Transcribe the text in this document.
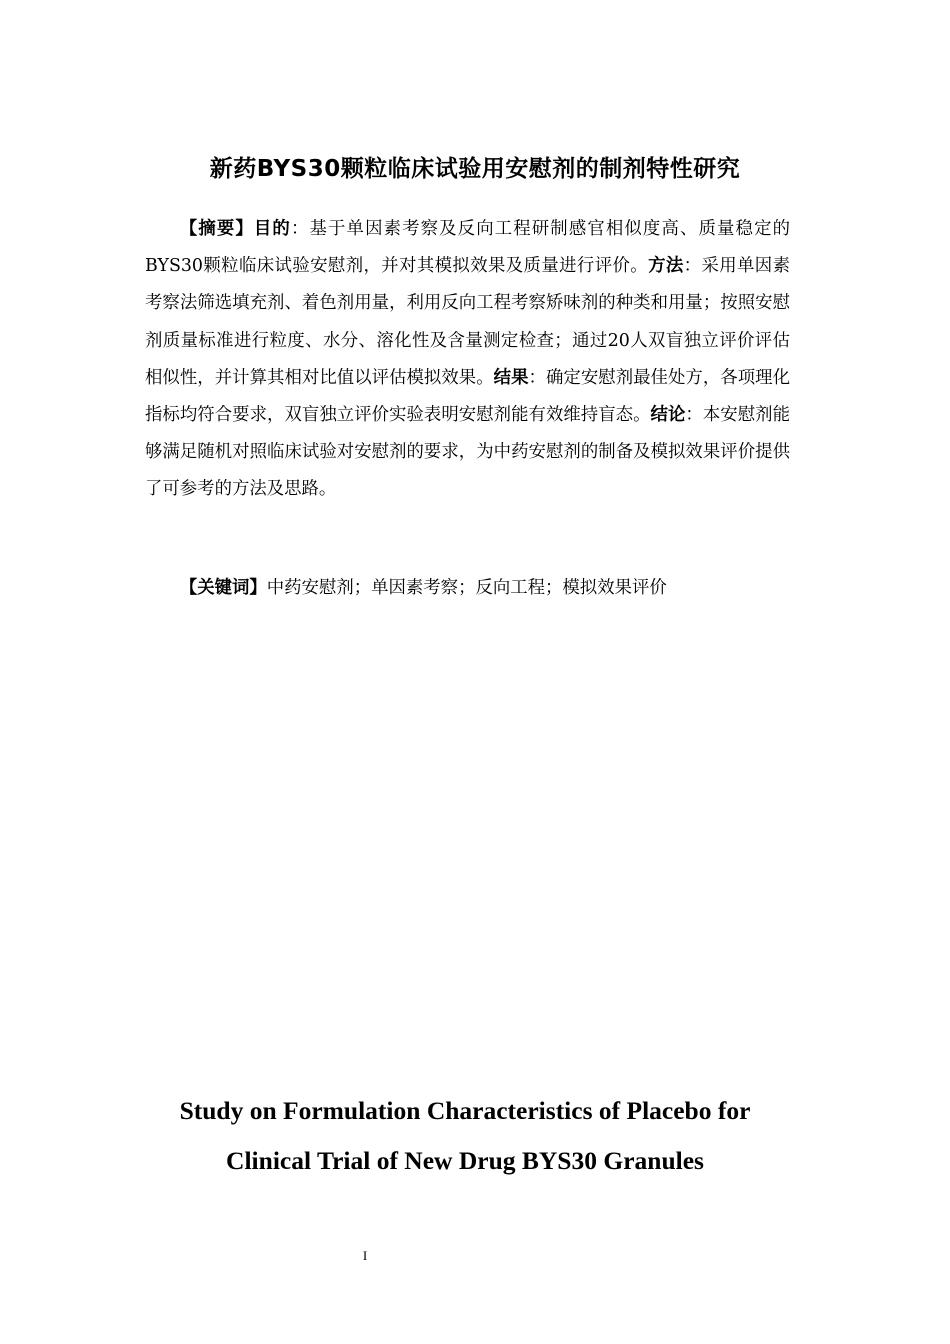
新药BYS30颗粒临床试验用安慰剂的制剂特性研究

【摘要】目的：基于单因素考察及反向工程研制感官相似度高、质量稳定的BYS30颗粒临床试验安慰剂，并对其模拟效果及质量进行评价。方法：采用单因素考察法筛选填充剂、着色剂用量，利用反向工程考察矫味剂的种类和用量；按照安慰剂质量标准进行粒度、水分、溶化性及含量测定检查；通过20人双盲独立评价评估相似性，并计算其相对比值以评估模拟效果。结果：确定安慰剂最佳处方，各项理化指标均符合要求，双盲独立评价实验表明安慰剂能有效维持盲态。结论：本安慰剂能够满足随机对照临床试验对安慰剂的要求，为中药安慰剂的制备及模拟效果评价提供了可参考的方法及思路。

【关键词】中药安慰剂；单因素考察；反向工程；模拟效果评价
Study on Formulation Characteristics of Placebo for
Clinical Trial of New Drug BYS30 Granules
I
